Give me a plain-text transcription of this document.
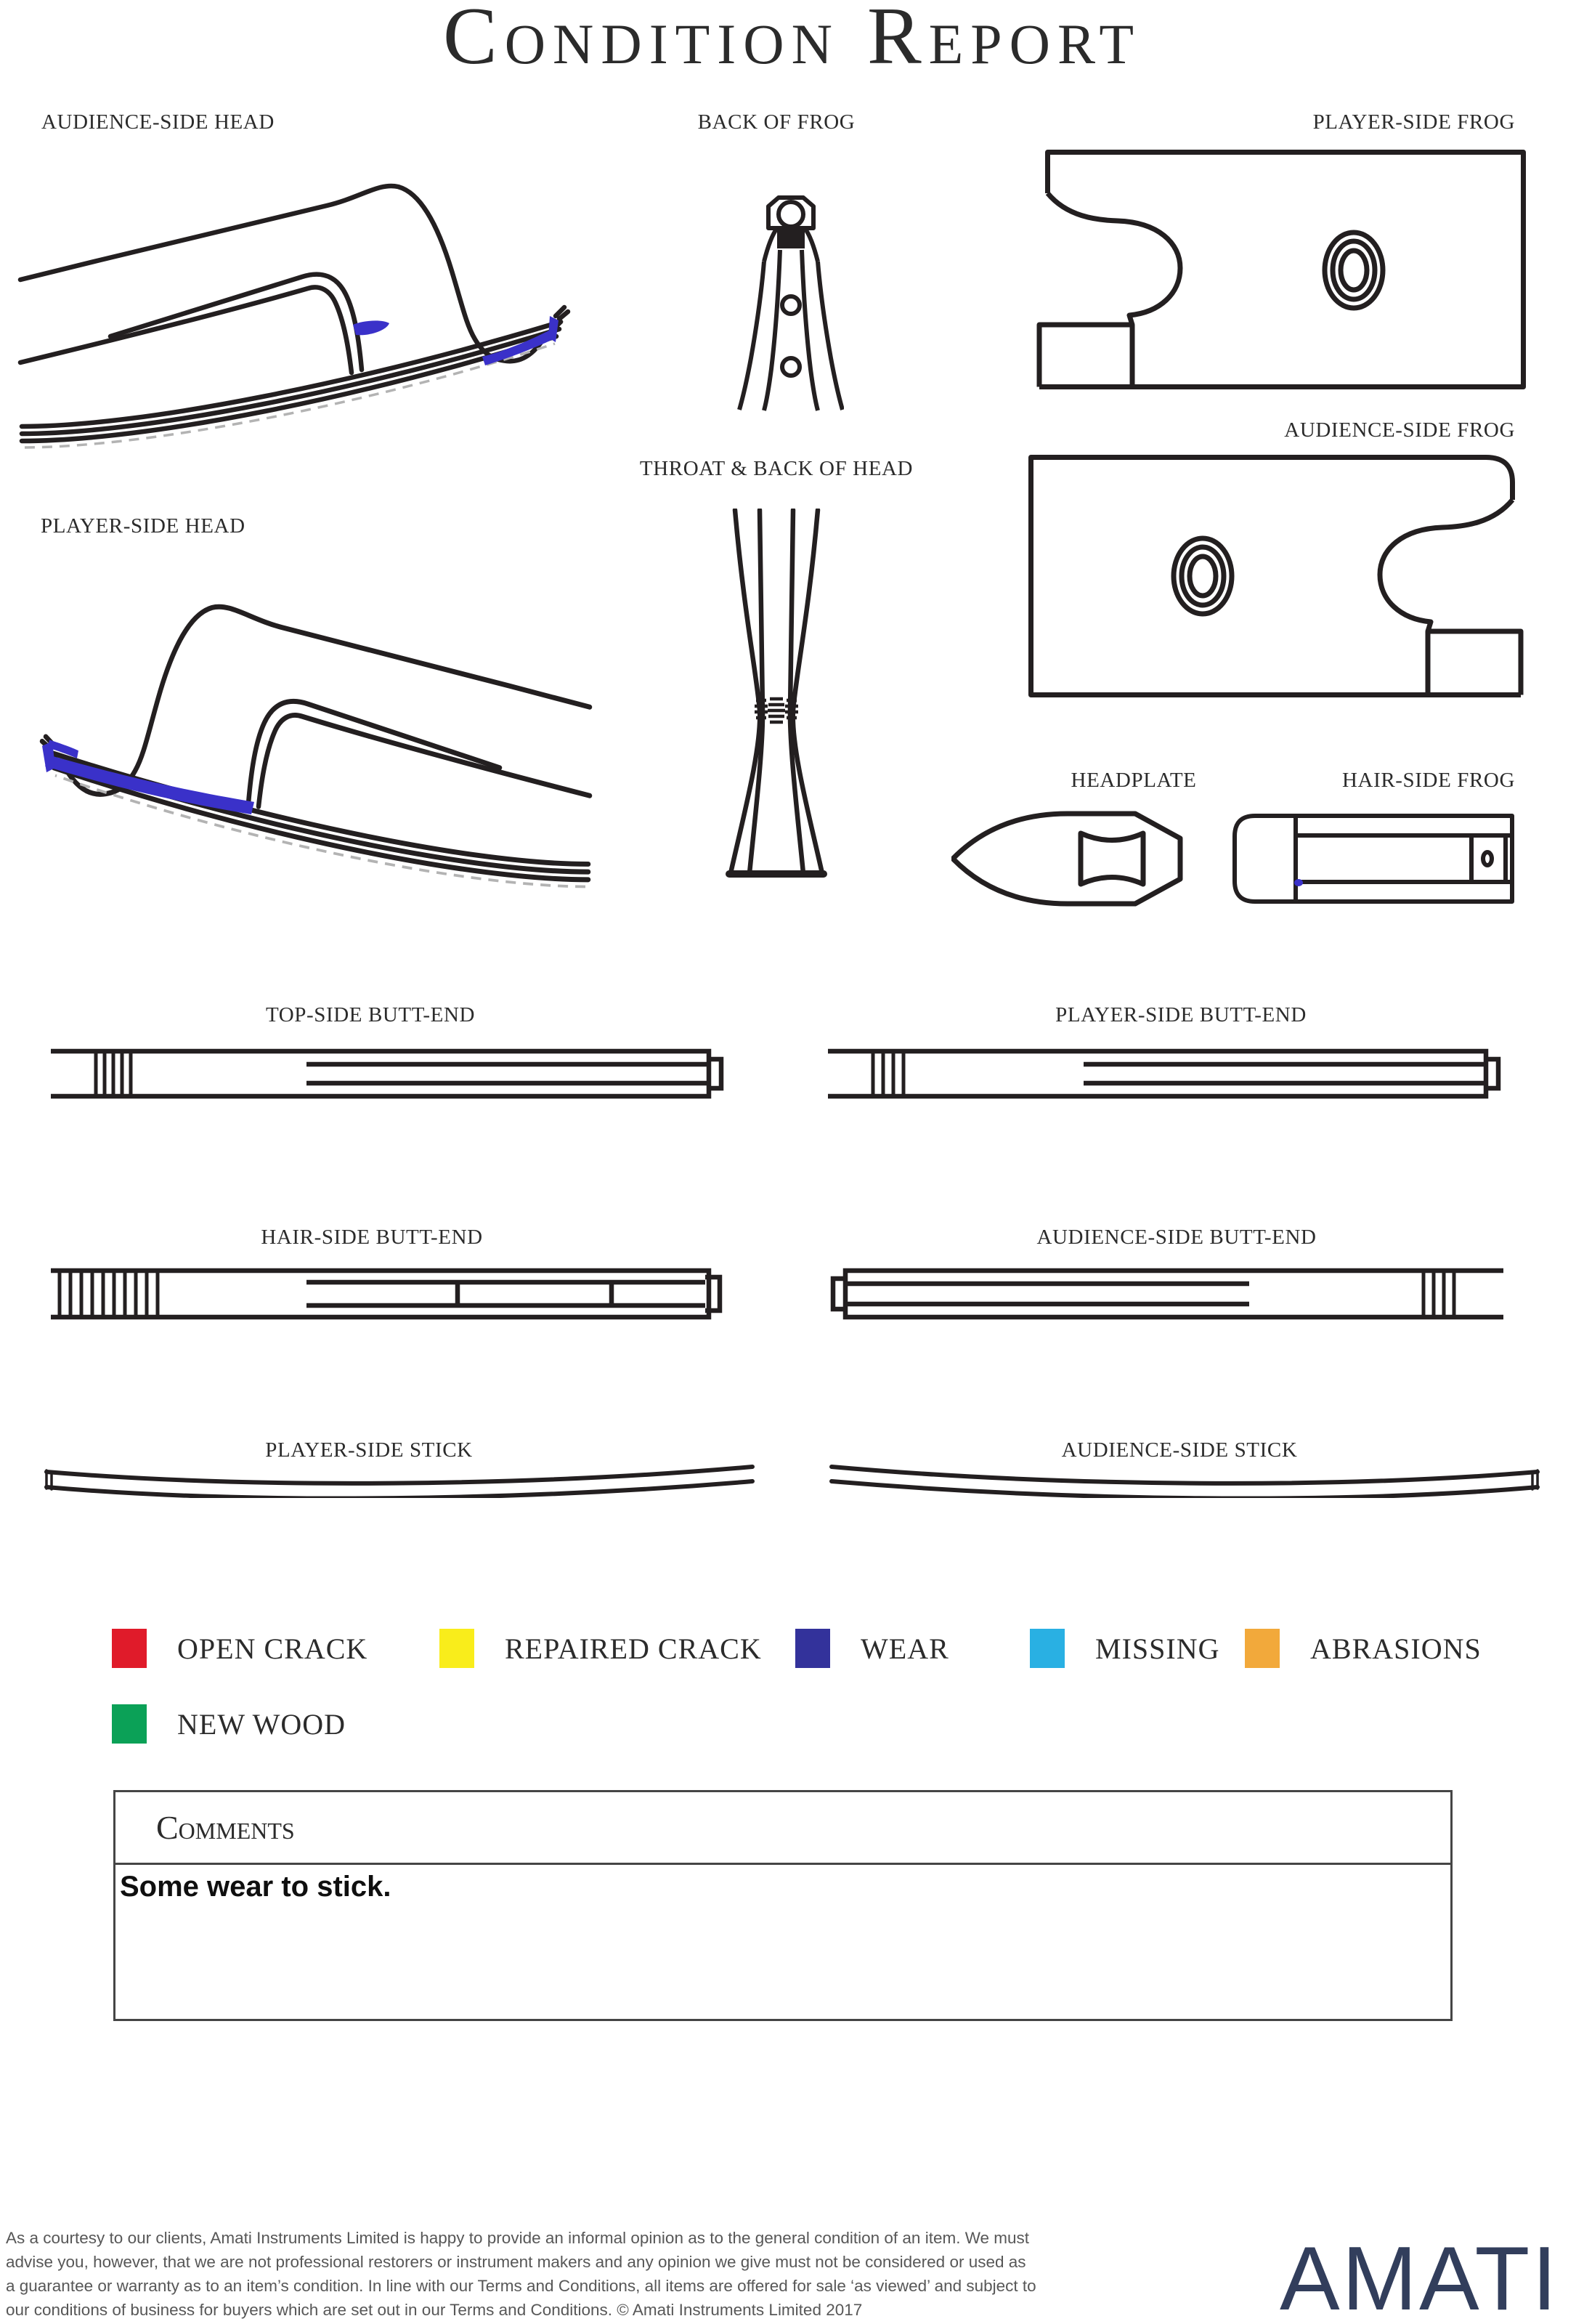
Condition Report
AUDIENCE-SIDE HEAD	BACK OF FROG	PLAYER-SIDE FROG
AUDIENCE-SIDE FROG
THROAT & BACK OF HEAD
PLAYER-SIDE HEAD
HEADPLATE	HAIR-SIDE FROG
TOP-SIDE BUTT-END	PLAYER-SIDE BUTT-END
HAIR-SIDE BUTT-END	AUDIENCE-SIDE BUTT-END
PLAYER-SIDE STICK	AUDIENCE-SIDE STICK
OPEN CRACK	REPAIRED CRACK	WEAR	MISSING	ABRASIONS
NEW WOOD
Comments
Some wear to stick.
As a courtesy to our clients, Amati Instruments Limited is happy to provide an informal opinion as to the general condition of an item. We must
advise you, however, that we are not professional restorers or instrument makers and any opinion we give must not be considered or used as
a guarantee or warranty as to an item’s condition. In line with our Terms and Conditions, all items are offered for sale ‘as viewed’ and subject to
our conditions of business for buyers which are set out in our Terms and Conditions. © Amati Instruments Limited 2017	AMATI
